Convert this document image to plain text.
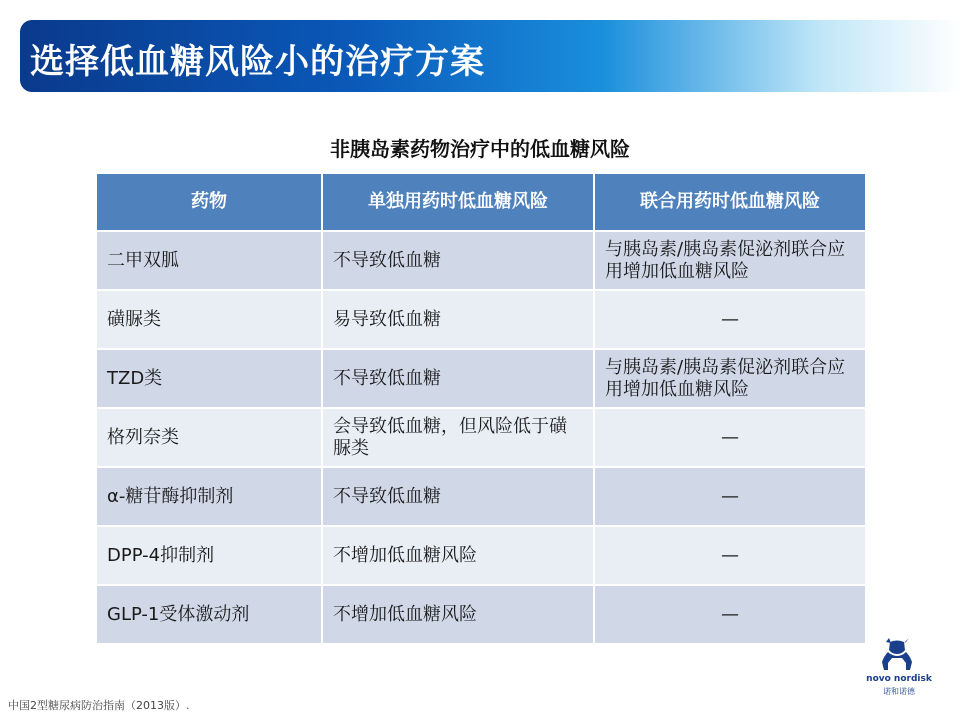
选择低血糖风险小的治疗方案
非胰岛素药物治疗中的低血糖风险
药物	单独用药时低血糖风险	联合用药时低血糖风险
二甲双胍	不导致低血糖	与胰岛素/胰岛素促泌剂联合应用增加低血糖风险
磺脲类	易导致低血糖	—
TZD类	不导致低血糖	与胰岛素/胰岛素促泌剂联合应用增加低血糖风险
格列奈类	会导致低血糖，但风险低于磺脲类	—
α-糖苷酶抑制剂	不导致低血糖	—
DPP-4抑制剂	不增加低血糖风险	—
GLP-1受体激动剂	不增加低血糖风险	—
中国2型糖尿病防治指南（2013版）.
novo nordisk
诺和诺德
